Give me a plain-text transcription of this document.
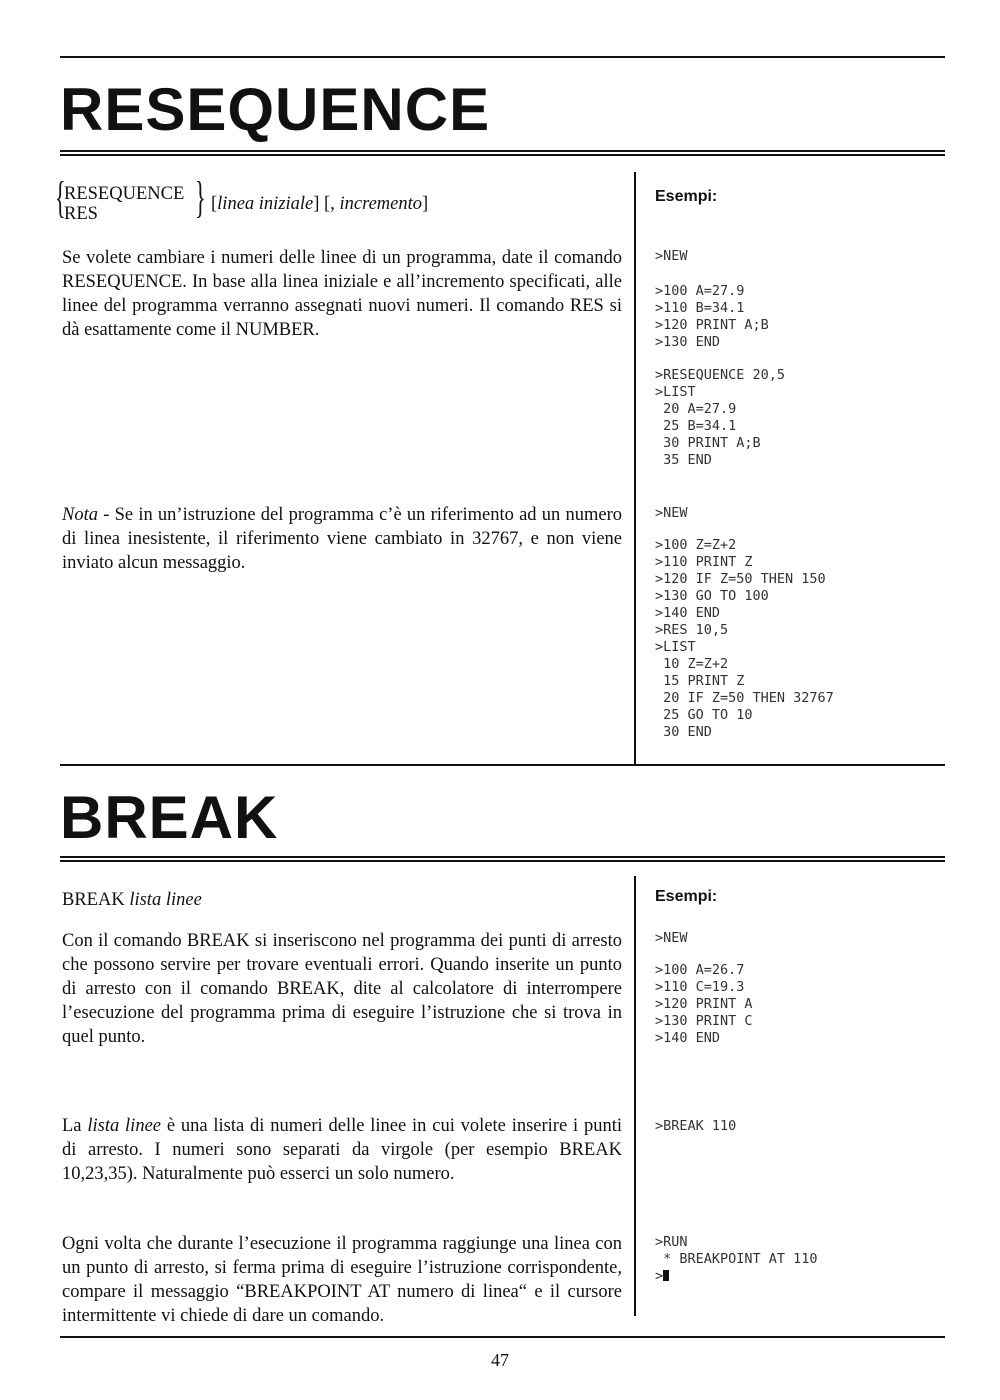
RESEQUENCE
{
RESEQUENCE
RES } [linea iniziale] [, incremento]

Se volete cambiare i numeri delle linee di un programma, date il comando RESEQUENCE. In base alla linea iniziale e all’incremento specificati, alle linee del programma verranno assegnati nuovi numeri. Il comando RES si dà esattamente come il NUMBER.

Nota - Se in un’istruzione del programma c’è un riferimento ad un numero di linea inesistente, il riferimento viene cambiato in 32767, e non viene inviato alcun messaggio.

Esempi:

>NEW
>100 A=27.9
>110 B=34.1
>120 PRINT A;B
>130 END
>RESEQUENCE 20,5
>LIST
20 A=27.9
25 B=34.1
30 PRINT A;B
35 END
>NEW
>100 Z=Z+2
>110 PRINT Z
>120 IF Z=50 THEN 150
>130 GO TO 100
>140 END
>RES 10,5
>LIST
10 Z=Z+2
15 PRINT Z
20 IF Z=50 THEN 32767
25 GO TO 10
30 END
BREAK
BREAK lista linee

Con il comando BREAK si inseriscono nel programma dei punti di arresto che possono servire per trovare eventuali errori. Quando inserite un punto di arresto con il comando BREAK, dite al calcolatore di interrompere l’esecuzione del programma prima di eseguire l’istruzione che si trova in quel punto.

La lista linee è una lista di numeri delle linee in cui volete inserire i punti di arresto. I numeri sono separati da virgole (per esempio BREAK 10,23,35). Naturalmente può esserci un solo numero.

Ogni volta che durante l’esecuzione il programma raggiunge una linea con un punto di arresto, si ferma prima di eseguire l’istruzione corrispondente, compare il messaggio “BREAKPOINT AT numero di linea“ e il cursore intermittente vi chiede di dare un comando.

Esempi:

>NEW
>100 A=26.7
>110 C=19.3
>120 PRINT A
>130 PRINT C
>140 END
>BREAK 110
>RUN
* BREAKPOINT AT 110
>
47
